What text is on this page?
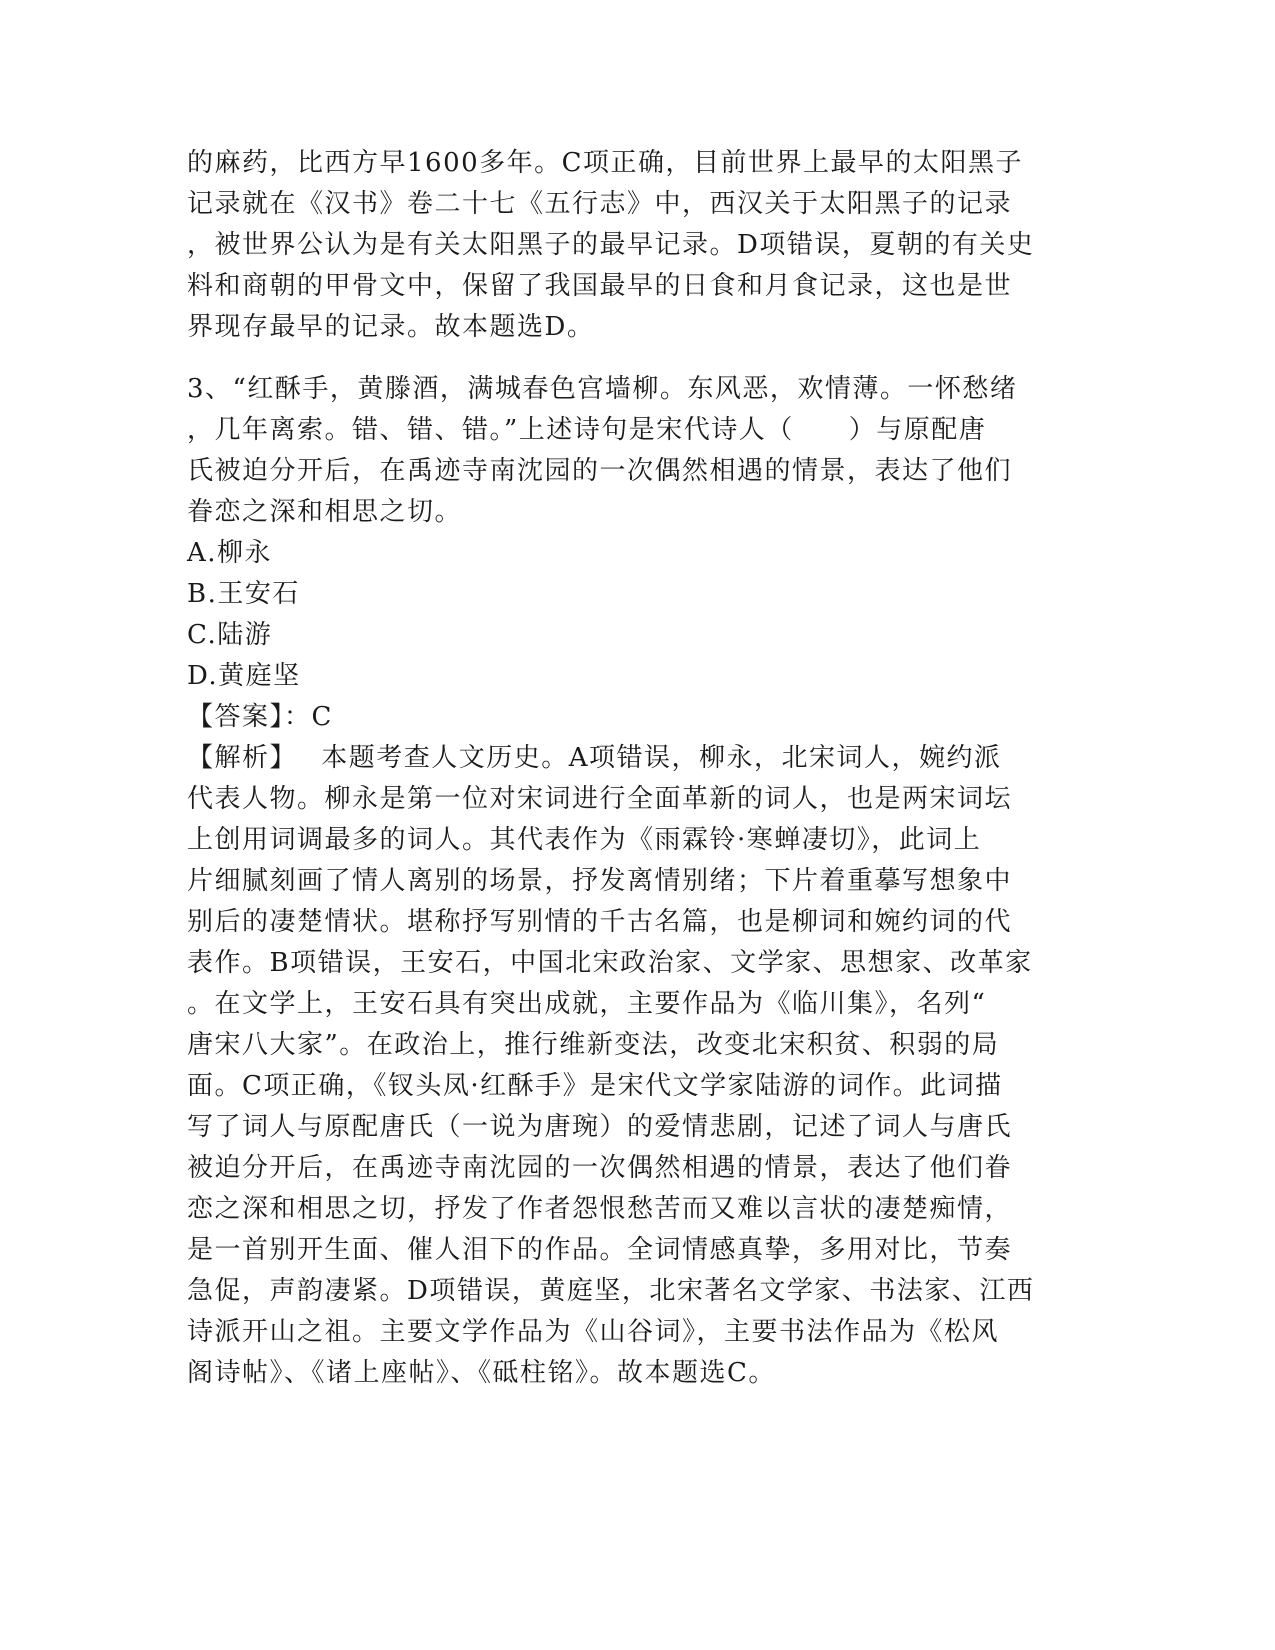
的麻药，比西方早1600多年。C项正确，目前世界上最早的太阳黑子
记录就在《汉书》卷二十七《五行志》中，西汉关于太阳黑子的记录
，被世界公认为是有关太阳黑子的最早记录。D项错误，夏朝的有关史
料和商朝的甲骨文中，保留了我国最早的日食和月食记录，这也是世
界现存最早的记录。故本题选D。
3、“红酥手，黄滕酒，满城春色宫墙柳。东风恶，欢情薄。一怀愁绪
，几年离索。错、错、错。”上述诗句是宋代诗人（　　）与原配唐
氏被迫分开后，在禹迹寺南沈园的一次偶然相遇的情景，表达了他们
眷恋之深和相思之切。
A.柳永
B.王安石
C.陆游
D.黄庭坚
【答案】：C
【解析】　 本题考查人文历史。A项错误，柳永，北宋词人，婉约派
代表人物。柳永是第一位对宋词进行全面革新的词人，也是两宋词坛
上创用词调最多的词人。其代表作为《雨霖铃·寒蝉凄切》，此词上
片细腻刻画了情人离别的场景，抒发离情别绪；下片着重摹写想象中
别后的凄楚情状。堪称抒写别情的千古名篇，也是柳词和婉约词的代
表作。B项错误，王安石，中国北宋政治家、文学家、思想家、改革家
。在文学上，王安石具有突出成就，主要作品为《临川集》，名列“
唐宋八大家”。在政治上，推行维新变法，改变北宋积贫、积弱的局
面。C项正确，《钗头凤·红酥手》是宋代文学家陆游的词作。此词描
写了词人与原配唐氏（一说为唐琬）的爱情悲剧，记述了词人与唐氏
被迫分开后，在禹迹寺南沈园的一次偶然相遇的情景，表达了他们眷
恋之深和相思之切，抒发了作者怨恨愁苦而又难以言状的凄楚痴情，
是一首别开生面、催人泪下的作品。全词情感真挚，多用对比，节奏
急促，声韵凄紧。D项错误，黄庭坚，北宋著名文学家、书法家、江西
诗派开山之祖。主要文学作品为《山谷词》，主要书法作品为《松风
阁诗帖》、《诸上座帖》、《砥柱铭》。故本题选C。
